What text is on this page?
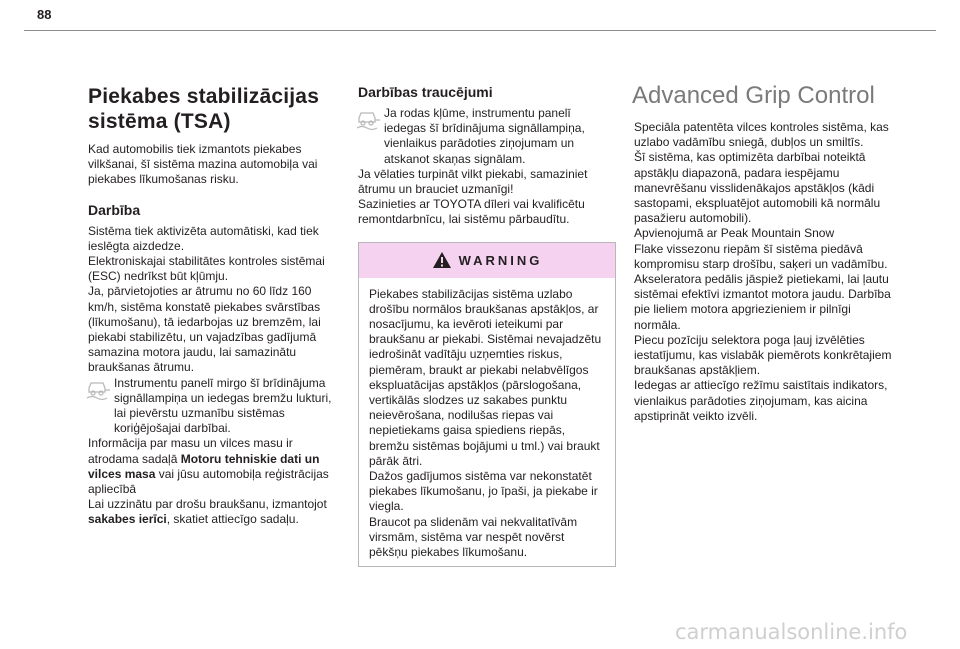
88
Piekabes stabilizācijas
sistēma (TSA)

Kad automobilis tiek izmantots piekabes vilkšanai, šī sistēma mazina automobiļa vai piekabes līkumošanas risku.

Darbība

Sistēma tiek aktivizēta automātiski, kad tiek ieslēgta aizdedze.

Elektroniskajai stabilitātes kontroles sistēmai (ESC) nedrīkst būt kļūmju.

Ja, pārvietojoties ar ātrumu no 60 līdz 160 km/h, sistēma konstatē piekabes svārstības (līkumošanu), tā iedarbojas uz bremzēm, lai piekabi stabilizētu, un vajadzības gadījumā samazina motora jaudu, lai samazinātu braukšanas ātrumu.

Instrumentu panelī mirgo šī brīdinājuma signāllampiņa un iedegas bremžu lukturi, lai pievērstu uzmanību sistēmas koriģējošajai darbībai.

Informācija par masu un vilces masu ir atrodama sadaļā Motoru tehniskie dati un vilces masa vai jūsu automobiļa reģistrācijas apliecībā

Lai uzzinātu par drošu braukšanu, izmantojot sakabes ierīci, skatiet attiecīgo sadaļu.

Darbības traucējumi

Ja rodas kļūme, instrumentu panelī iedegas šī brīdinājuma signāllampiņa, vienlaikus parādoties ziņojumam un atskanot skaņas signālam.

Ja vēlaties turpināt vilkt piekabi, samaziniet ātrumu un brauciet uzmanīgi!

Sazinieties ar TOYOTA dīleri vai kvalificētu remontdarbnīcu, lai sistēmu pārbaudītu.

WARNING

Piekabes stabilizācijas sistēma uzlabo drošību normālos braukšanas apstākļos, ar nosacījumu, ka ievēroti ieteikumi par braukšanu ar piekabi. Sistēmai nevajadzētu iedrošināt vadītāju uzņemties riskus, piemēram, braukt ar piekabi nelabvēlīgos ekspluatācijas apstākļos (pārslogošana, vertikālās slodzes uz sakabes punktu neievērošana, nodilušas riepas vai nepietiekams gaisa spiediens riepās, bremžu sistēmas bojājumi u tml.) vai braukt pārāk ātri.

Dažos gadījumos sistēma var nekonstatēt piekabes līkumošanu, jo īpaši, ja piekabe ir viegla.

Braucot pa slidenām vai nekvalitatīvām virsmām, sistēma var nespēt novērst pēkšņu piekabes līkumošanu.

Advanced Grip Control

Speciāla patentēta vilces kontroles sistēma, kas uzlabo vadāmību sniegā, dubļos un smiltīs.

Šī sistēma, kas optimizēta darbībai noteiktā apstākļu diapazonā, padara iespējamu manevrēšanu visslidenākajos apstākļos (kādi sastopami, ekspluatējot automobili kā normālu pasažieru automobili).

Apvienojumā ar Peak Mountain Snow

Flake vissezonu riepām šī sistēma piedāvā kompromisu starp drošību, saķeri un vadāmību.

Akseleratora pedālis jāspiež pietiekami, lai ļautu sistēmai efektīvi izmantot motora jaudu. Darbība pie lieliem motora apgriezieniem ir pilnīgi normāla.

Piecu pozīciju selektora poga ļauj izvēlēties iestatījumu, kas vislabāk piemērots konkrētajiem braukšanas apstākļiem.

Iedegas ar attiecīgo režīmu saistītais indikators, vienlaikus parādoties ziņojumam, kas aicina apstiprināt veikto izvēli.

carmanualsonline.info
